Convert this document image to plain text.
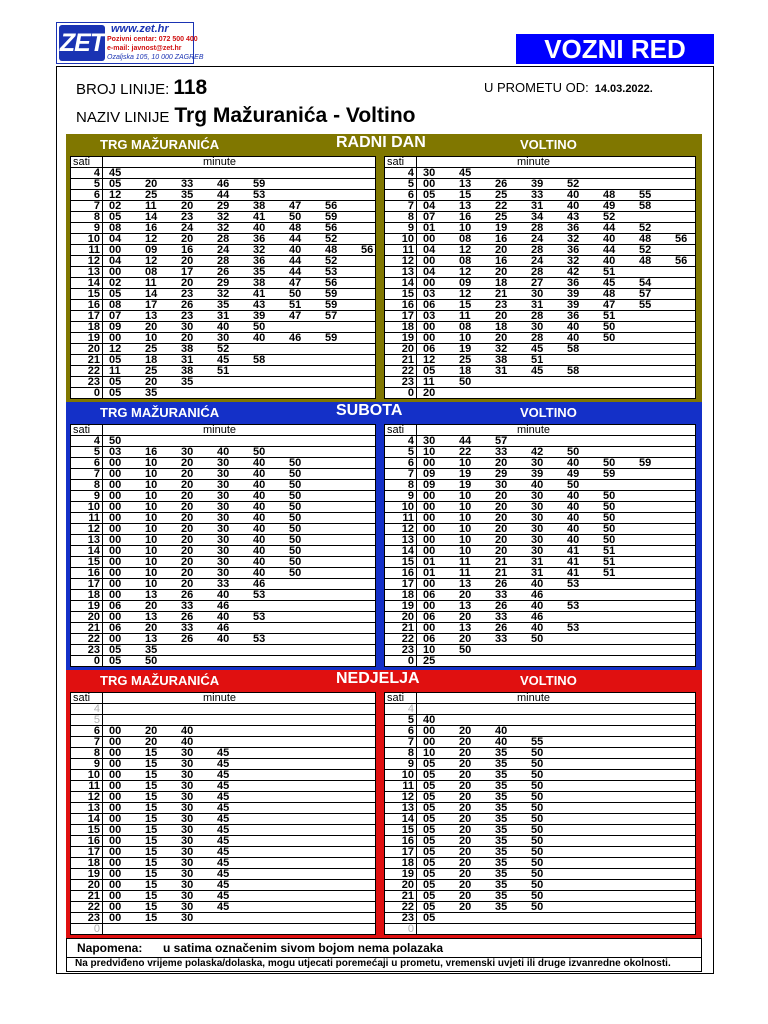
ZET www.zet.hr
Pozivni centar: 072 500 400
e-mail: javnost@zet.hr
Ozaljska 105, 10 000 ZAGREB	VOZNI RED
BROJ LINIJE: 118	U PROMETU OD: 14.03.2022.
NAZIV LINIJE Trg Mažuranića - Voltino
TRG MAŽURANIĆA	RADNI DAN	VOLTINO
sati	minute
4 45
5 05 20 33 46 59
6 12 25 35 44 53
7 02 11 20 29 38 47 56
8 05 14 23 32 41 50 59
9 08 16 24 32 40 48 56
10 04 12 20 28 36 44 52
11 00 09 16 24 32 40 48 56
12 04 12 20 28 36 44 52
13 00 08 17 26 35 44 53
14 02 11 20 29 38 47 56
15 05 14 23 32 41 50 59
16 08 17 26 35 43 51 59
17 07 13 23 31 39 47 57
18 09 20 30 40 50
19 00 10 20 30 40 46 59
20 12 25 38 52
21 05 18 31 45 58
22 11 25 38 51
23 05 20 35
0 05 35
sati	minute
4 30 45
5 00 13 26 39 52
6 05 15 25 33 40 48 55
7 04 13 22 31 40 49 58
8 07 16 25 34 43 52
9 01 10 19 28 36 44 52
10 00 08 16 24 32 40 48 56
11 04 12 20 28 36 44 52
12 00 08 16 24 32 40 48 56
13 04 12 20 28 42 51
14 00 09 18 27 36 45 54
15 03 12 21 30 39 48 57
16 06 15 23 31 39 47 55
17 03 11 20 28 36 51
18 00 08 18 30 40 50
19 00 10 20 28 40 50
20 06 19 32 45 58
21 12 25 38 51
22 05 18 31 45 58
23 11 50
0 20
TRG MAŽURANIĆA	SUBOTA	VOLTINO
sati	minute
4 50
5 03 16 30 40 50
6 00 10 20 30 40 50
7 00 10 20 30 40 50
8 00 10 20 30 40 50
9 00 10 20 30 40 50
10 00 10 20 30 40 50
11 00 10 20 30 40 50
12 00 10 20 30 40 50
13 00 10 20 30 40 50
14 00 10 20 30 40 50
15 00 10 20 30 40 50
16 00 10 20 30 40 50
17 00 10 20 33 46
18 00 13 26 40 53
19 06 20 33 46
20 00 13 26 40 53
21 06 20 33 46
22 00 13 26 40 53
23 05 35
0 05 50
sati	minute
4 30 44 57
5 10 22 33 42 50
6 00 10 20 30 40 50 59
7 09 19 29 39 49 59
8 09 19 30 40 50
9 00 10 20 30 40 50
10 00 10 20 30 40 50
11 00 10 20 30 40 50
12 00 10 20 30 40 50
13 00 10 20 30 40 50
14 00 10 20 30 41 51
15 01 11 21 31 41 51
16 01 11 21 31 41 51
17 00 13 26 40 53
18 06 20 33 46
19 00 13 26 40 53
20 06 20 33 46
21 00 13 26 40 53
22 06 20 33 50
23 10 50
0 25
TRG MAŽURANIĆA	NEDJELJA	VOLTINO
sati	minute
4
5
6 00 20 40
7 00 20 40
8 00 15 30 45
9 00 15 30 45
10 00 15 30 45
11 00 15 30 45
12 00 15 30 45
13 00 15 30 45
14 00 15 30 45
15 00 15 30 45
16 00 15 30 45
17 00 15 30 45
18 00 15 30 45
19 00 15 30 45
20 00 15 30 45
21 00 15 30 45
22 00 15 30 45
23 00 15 30
0
sati	minute
4
5 40
6 00 20 40
7 00 20 40 55
8 10 20 35 50
9 05 20 35 50
10 05 20 35 50
11 05 20 35 50
12 05 20 35 50
13 05 20 35 50
14 05 20 35 50
15 05 20 35 50
16 05 20 35 50
17 05 20 35 50
18 05 20 35 50
19 05 20 35 50
20 05 20 35 50
21 05 20 35 50
22 05 20 35 50
23 05
0
Napomena: u satima označenim sivom bojom nema polazaka
Na predviđeno vrijeme polaska/dolaska, mogu utjecati poremećaji u prometu, vremenski uvjeti ili druge izvanredne okolnosti.
